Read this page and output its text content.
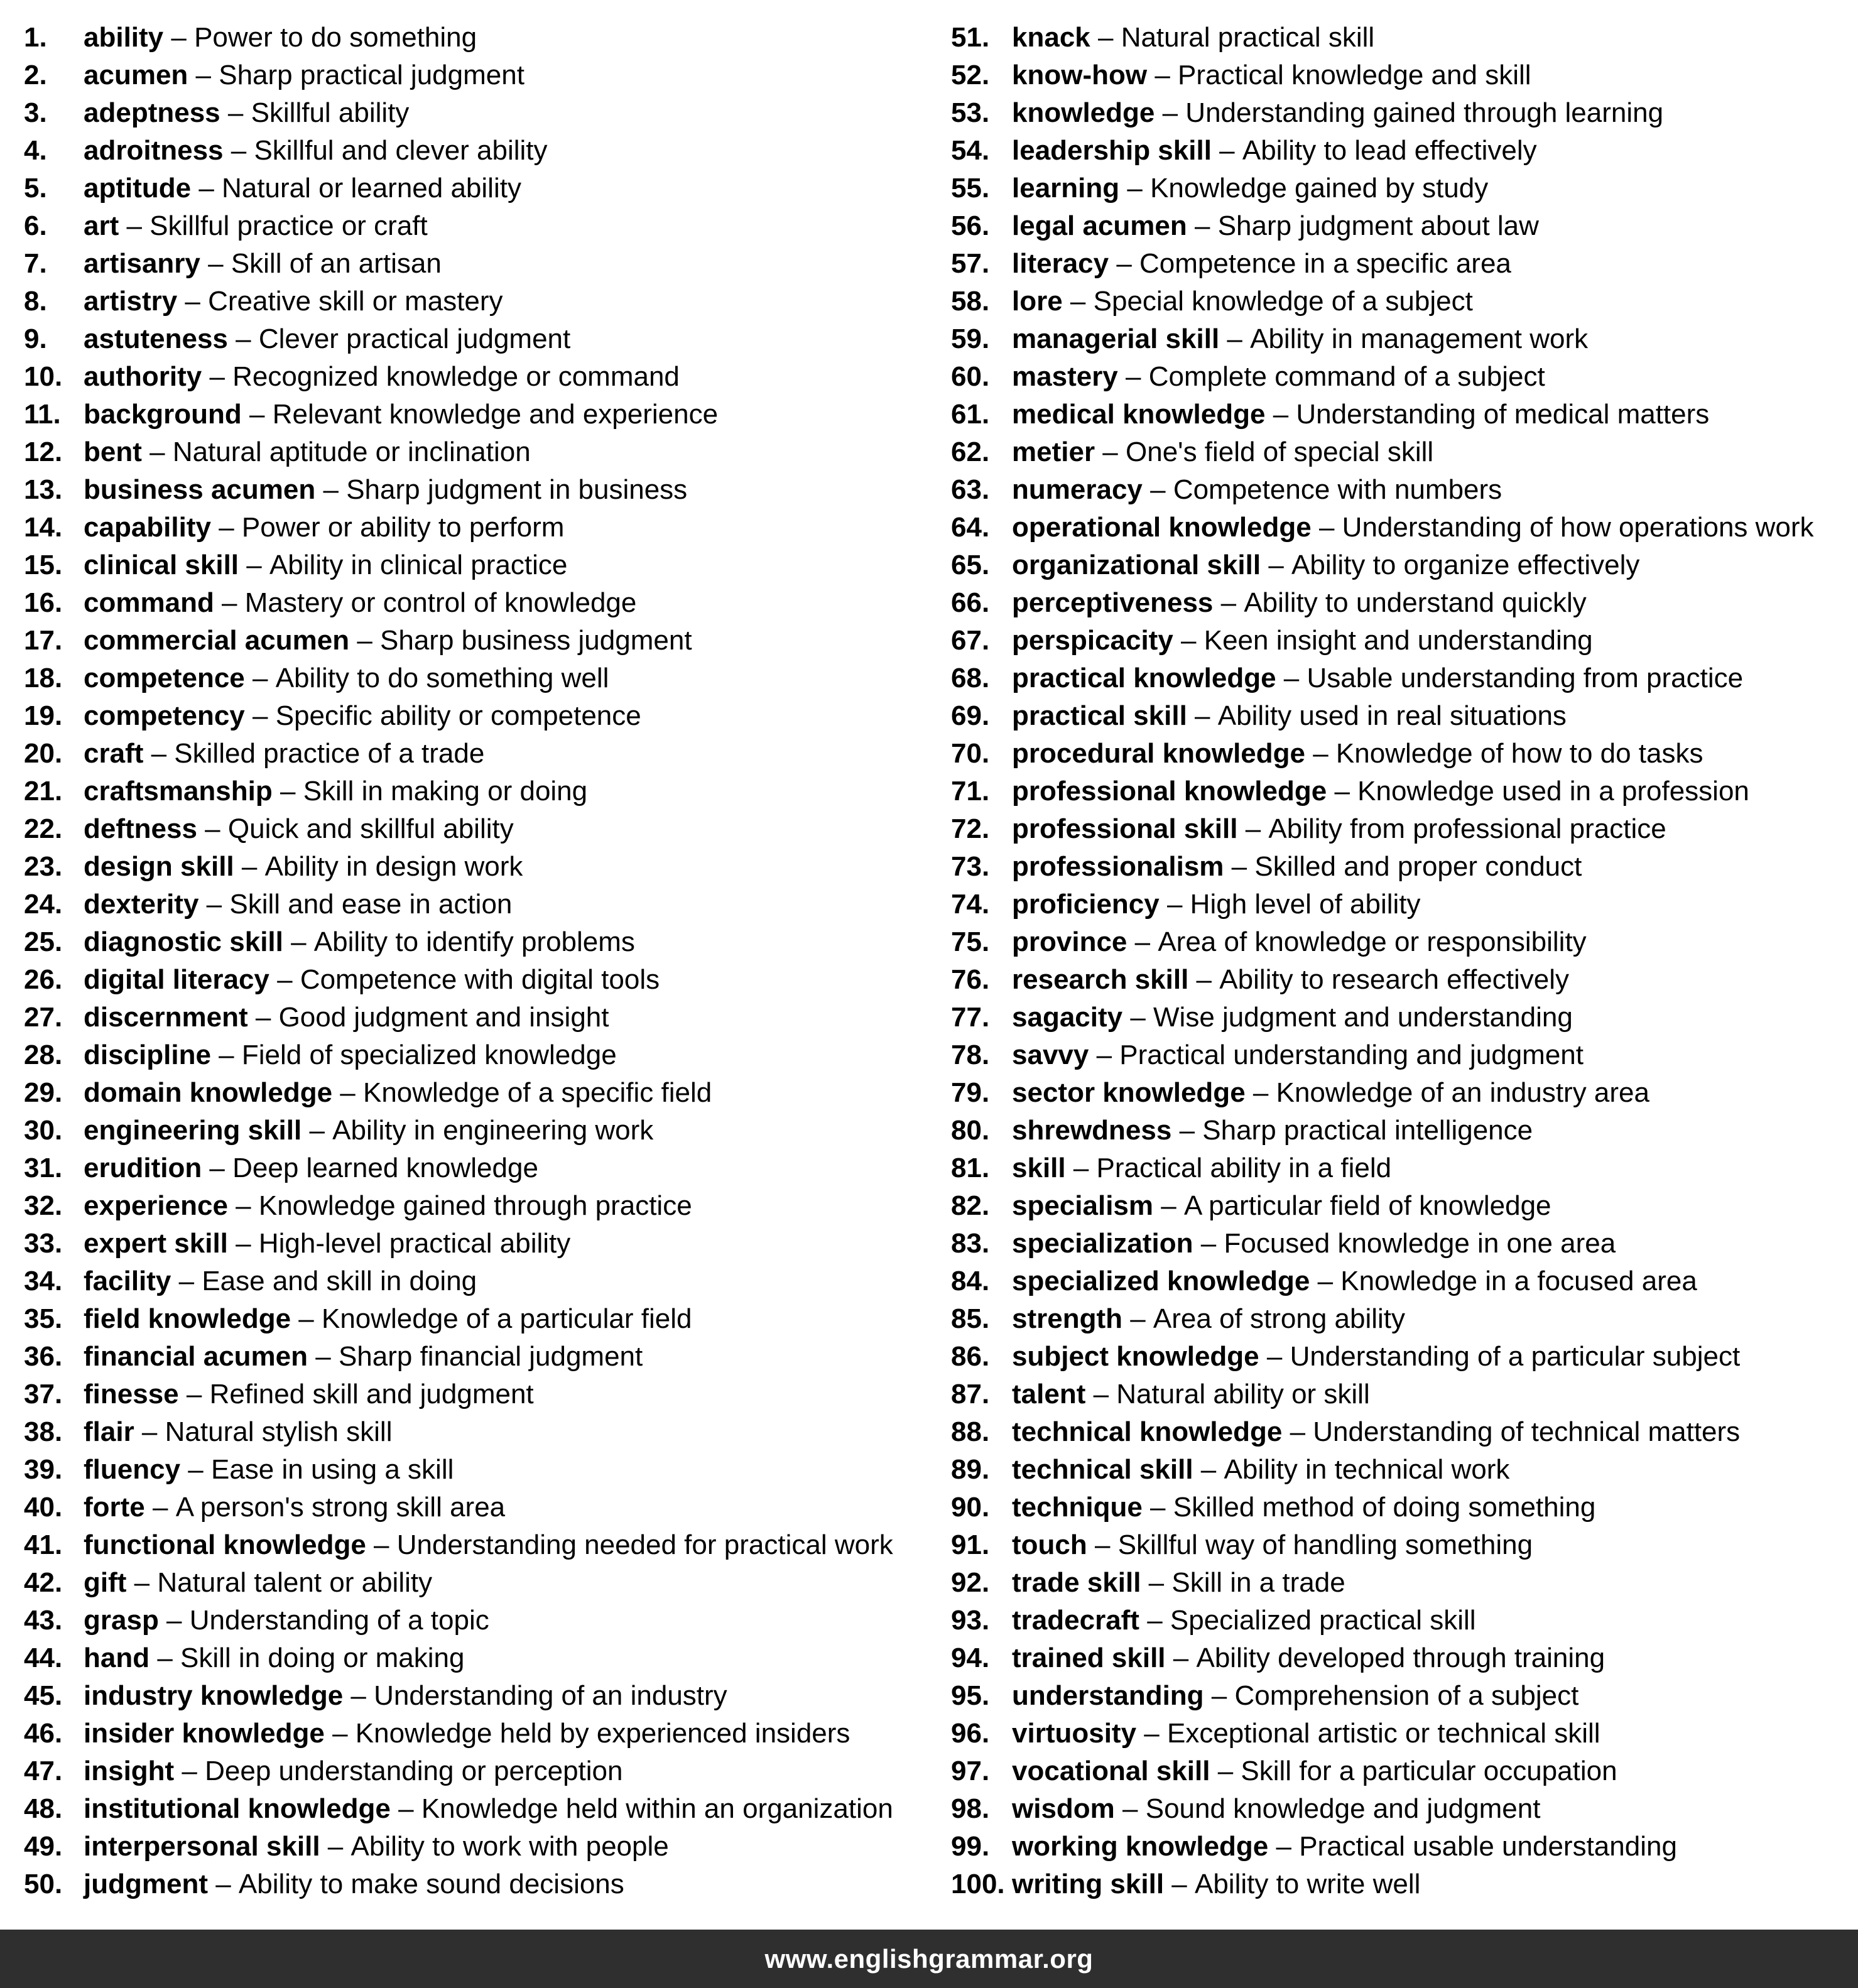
1.	ability – Power to do something
2.	acumen – Sharp practical judgment
3.	adeptness – Skillful ability
4.	adroitness – Skillful and clever ability
5.	aptitude – Natural or learned ability
6.	art – Skillful practice or craft
7.	artisanry – Skill of an artisan
8.	artistry – Creative skill or mastery
9.	astuteness – Clever practical judgment
10. authority – Recognized knowledge or command
11. background – Relevant knowledge and experience
12. bent – Natural aptitude or inclination
13. business acumen – Sharp judgment in business
14. capability – Power or ability to perform
15. clinical skill – Ability in clinical practice
16. command – Mastery or control of knowledge
17. commercial acumen – Sharp business judgment
18. competence – Ability to do something well
19. competency – Specific ability or competence
20. craft – Skilled practice of a trade
21. craftsmanship – Skill in making or doing
22. deftness – Quick and skillful ability
23. design skill – Ability in design work
24. dexterity – Skill and ease in action
25. diagnostic skill – Ability to identify problems
26. digital literacy – Competence with digital tools
27. discernment – Good judgment and insight
28. discipline – Field of specialized knowledge
29. domain knowledge – Knowledge of a specific field
30. engineering skill – Ability in engineering work
31. erudition – Deep learned knowledge
32. experience – Knowledge gained through practice
33. expert skill – High-level practical ability
34. facility – Ease and skill in doing
35. field knowledge – Knowledge of a particular field
36. financial acumen – Sharp financial judgment
37. finesse – Refined skill and judgment
38. flair – Natural stylish skill
39. fluency – Ease in using a skill
40. forte – A person's strong skill area
41. functional knowledge – Understanding needed for practical work
42. gift – Natural talent or ability
43. grasp – Understanding of a topic
44. hand – Skill in doing or making
45. industry knowledge – Understanding of an industry
46. insider knowledge – Knowledge held by experienced insiders
47. insight – Deep understanding or perception
48. institutional knowledge – Knowledge held within an organization
49. interpersonal skill – Ability to work with people
50. judgment – Ability to make sound decisions
51. knack – Natural practical skill
52. know-how – Practical knowledge and skill
53. knowledge – Understanding gained through learning
54. leadership skill – Ability to lead effectively
55. learning – Knowledge gained by study
56. legal acumen – Sharp judgment about law
57. literacy – Competence in a specific area
58. lore – Special knowledge of a subject
59. managerial skill – Ability in management work
60. mastery – Complete command of a subject
61. medical knowledge – Understanding of medical matters
62. metier – One's field of special skill
63. numeracy – Competence with numbers
64. operational knowledge – Understanding of how operations work
65. organizational skill – Ability to organize effectively
66. perceptiveness – Ability to understand quickly
67. perspicacity – Keen insight and understanding
68. practical knowledge – Usable understanding from practice
69. practical skill – Ability used in real situations
70. procedural knowledge – Knowledge of how to do tasks
71. professional knowledge – Knowledge used in a profession
72. professional skill – Ability from professional practice
73. professionalism – Skilled and proper conduct
74. proficiency – High level of ability
75. province – Area of knowledge or responsibility
76. research skill – Ability to research effectively
77. sagacity – Wise judgment and understanding
78. savvy – Practical understanding and judgment
79. sector knowledge – Knowledge of an industry area
80. shrewdness – Sharp practical intelligence
81. skill – Practical ability in a field
82. specialism – A particular field of knowledge
83. specialization – Focused knowledge in one area
84. specialized knowledge – Knowledge in a focused area
85. strength – Area of strong ability
86. subject knowledge – Understanding of a particular subject
87. talent – Natural ability or skill
88. technical knowledge – Understanding of technical matters
89. technical skill – Ability in technical work
90. technique – Skilled method of doing something
91. touch – Skillful way of handling something
92. trade skill – Skill in a trade
93. tradecraft – Specialized practical skill
94. trained skill – Ability developed through training
95. understanding – Comprehension of a subject
96. virtuosity – Exceptional artistic or technical skill
97. vocational skill – Skill for a particular occupation
98. wisdom – Sound knowledge and judgment
99. working knowledge – Practical usable understanding
100. writing skill – Ability to write well
www.englishgrammar.org
